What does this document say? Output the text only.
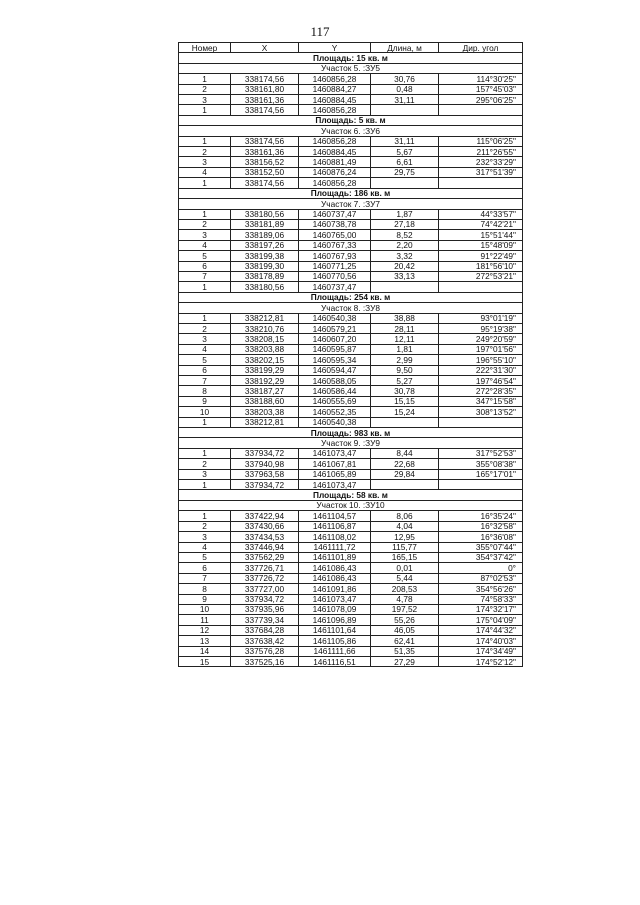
117
Номер	X	Y	Длина, м	Дир. угол
Площадь: 15 кв. м				
Участок 5. :ЗУ5				
1	338174,56	1460856,28	30,76	114°30'25"
2	338161,80	1460884,27	0,48	157°45'03"
3	338161,36	1460884,45	31,11	295°06'25"
1	338174,56	1460856,28		
Площадь: 5 кв. м				
Участок 6. :ЗУ6				
1	338174,56	1460856,28	31,11	115°06'25"
2	338161,36	1460884,45	5,67	211°26'55"
3	338156,52	1460881,49	6,61	232°33'29"
4	338152,50	1460876,24	29,75	317°51'39"
1	338174,56	1460856,28		
Площадь: 186 кв. м				
Участок 7. :ЗУ7				
1	338180,56	1460737,47	1,87	44°33'57"
2	338181,89	1460738,78	27,18	74°42'21"
3	338189,06	1460765,00	8,52	15°51'44"
4	338197,26	1460767,33	2,20	15°48'09"
5	338199,38	1460767,93	3,32	91°22'49"
6	338199,30	1460771,25	20,42	181°56'10"
7	338178,89	1460770,56	33,13	272°53'21"
1	338180,56	1460737,47		
Площадь: 254 кв. м				
Участок 8. :ЗУ8				
1	338212,81	1460540,38	38,88	93°01'19"
2	338210,76	1460579,21	28,11	95°19'38"
3	338208,15	1460607,20	12,11	249°20'59"
4	338203,88	1460595,87	1,81	197°01'56"
5	338202,15	1460595,34	2,99	196°55'10"
6	338199,29	1460594,47	9,50	222°31'30"
7	338192,29	1460588,05	5,27	197°46'54"
8	338187,27	1460586,44	30,78	272°28'35"
9	338188,60	1460555,69	15,15	347°15'58"
10	338203,38	1460552,35	15,24	308°13'52"
1	338212,81	1460540,38		
Площадь: 983 кв. м				
Участок 9. :ЗУ9				
1	337934,72	1461073,47	8,44	317°52'53"
2	337940,98	1461067,81	22,68	355°08'38"
3	337963,58	1461065,89	29,84	165°17'01"
1	337934,72	1461073,47		
Площадь: 58 кв. м				
Участок 10. :ЗУ10				
1	337422,94	1461104,57	8,06	16°35'24"
2	337430,66	1461106,87	4,04	16°32'58"
3	337434,53	1461108,02	12,95	16°36'08"
4	337446,94	1461111,72	115,77	355°07'44"
5	337562,29	1461101,89	165,15	354°37'42"
6	337726,71	1461086,43	0,01	0°
7	337726,72	1461086,43	5,44	87°02'53"
8	337727,00	1461091,86	208,53	354°56'26"
9	337934,72	1461073,47	4,78	74°58'33"
10	337935,96	1461078,09	197,52	174°32'17"
11	337739,34	1461096,89	55,26	175°04'09"
12	337684,28	1461101,64	46,05	174°44'32"
13	337638,42	1461105,86	62,41	174°40'03"
14	337576,28	1461111,66	51,35	174°34'49"
15	337525,16	1461116,51	27,29	174°52'12"
